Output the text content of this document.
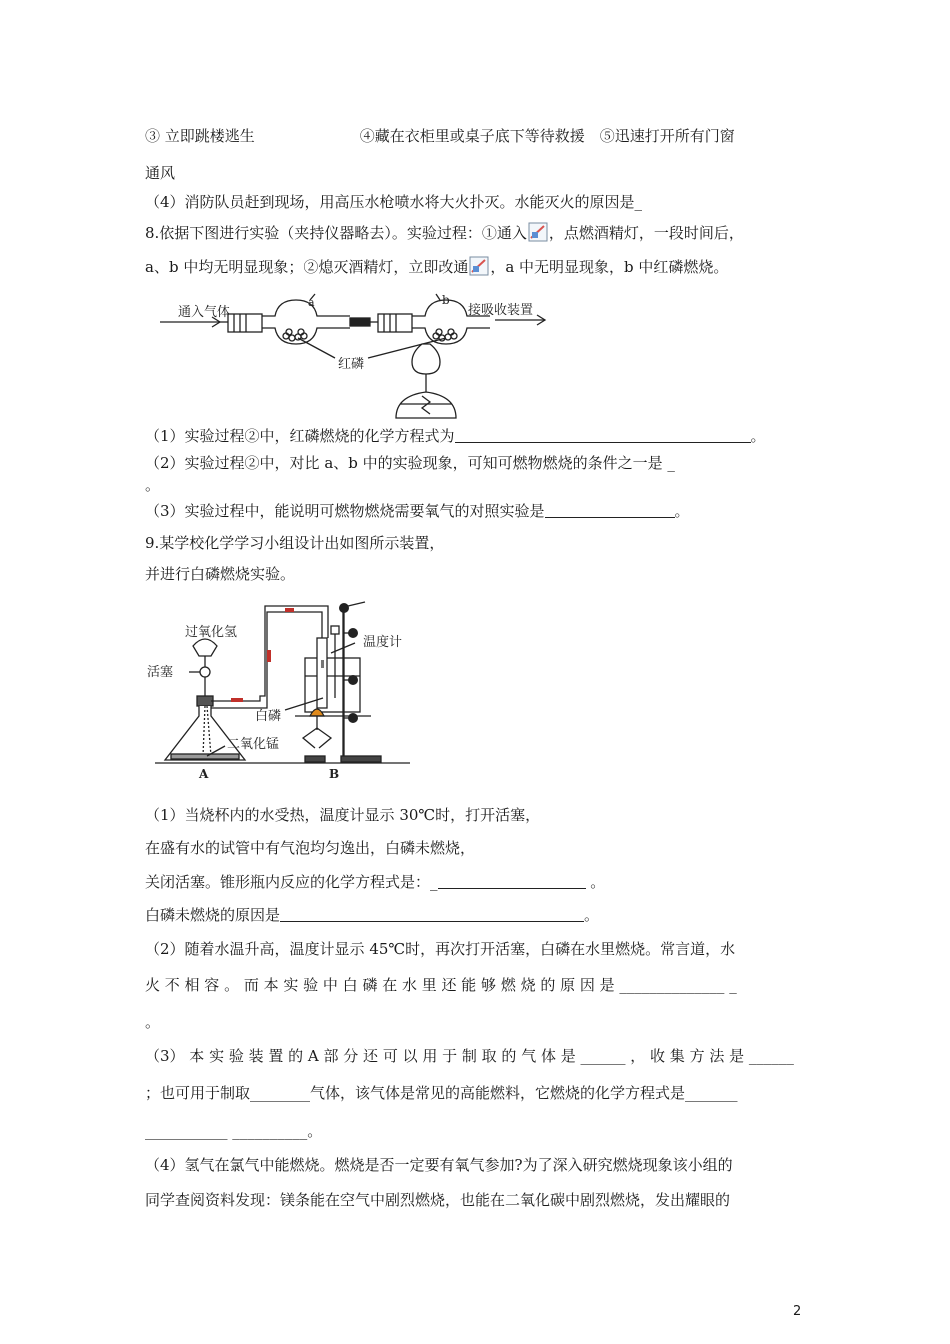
③ 立即跳楼逃生　　　　　　　④藏在衣柜里或桌子底下等待救援　⑤迅速打开所有门窗
通风
（4）消防队员赶到现场，用高压水枪喷水将大火扑灭。水能灭火的原因是_
8.依据下图进行实验（夹持仪器略去）。实验过程：①通入 ，点燃酒精灯，一段时间后，
a、b 中均无明显现象；②熄灭酒精灯，立即改通 ，a 中无明显现象，b 中红磷燃烧。
通入气体	接吸收装置
a	b
红磷
（1）实验过程②中，红磷燃烧的化学方程式为	。
（2）实验过程②中，对比 a、b 中的实验现象，可知可燃物燃烧的条件之一是 _
。
（3）实验过程中，能说明可燃物燃烧需要氧气的对照实验是	。
9.某学校化学学习小组设计出如图所示装置，
并进行白磷燃烧实验。
过氧化氢
活塞
温度计
白磷
二氧化锰
A	B
（1）当烧杯内的水受热，温度计显示 30℃时，打开活塞，
在盛有水的试管中有气泡均匀逸出，白磷未燃烧，
关闭活塞。锥形瓶内反应的化学方程式是：_	。
白磷未燃烧的原因是	。
（2）随着水温升高，温度计显示 45℃时，再次打开活塞，白磷在水里燃烧。常言道，水
火 不 相 容 。 而 本 实 验 中 白 磷 在 水 里 还 能 够 燃 烧 的 原 因 是 ______________ _
。
（3） 本 实 验 装 置 的 A 部 分 还 可 以 用 于 制 取 的 气 体 是 ______ ， 收 集 方 法 是 ______
；也可用于制取________气体，该气体是常见的高能燃料，它燃烧的化学方程式是_______
___________ __________。
（4）氢气在氯气中能燃烧。燃烧是否一定要有氧气参加?为了深入研究燃烧现象该小组的
同学查阅资料发现：镁条能在空气中剧烈燃烧，也能在二氧化碳中剧烈燃烧，发出耀眼的
2
